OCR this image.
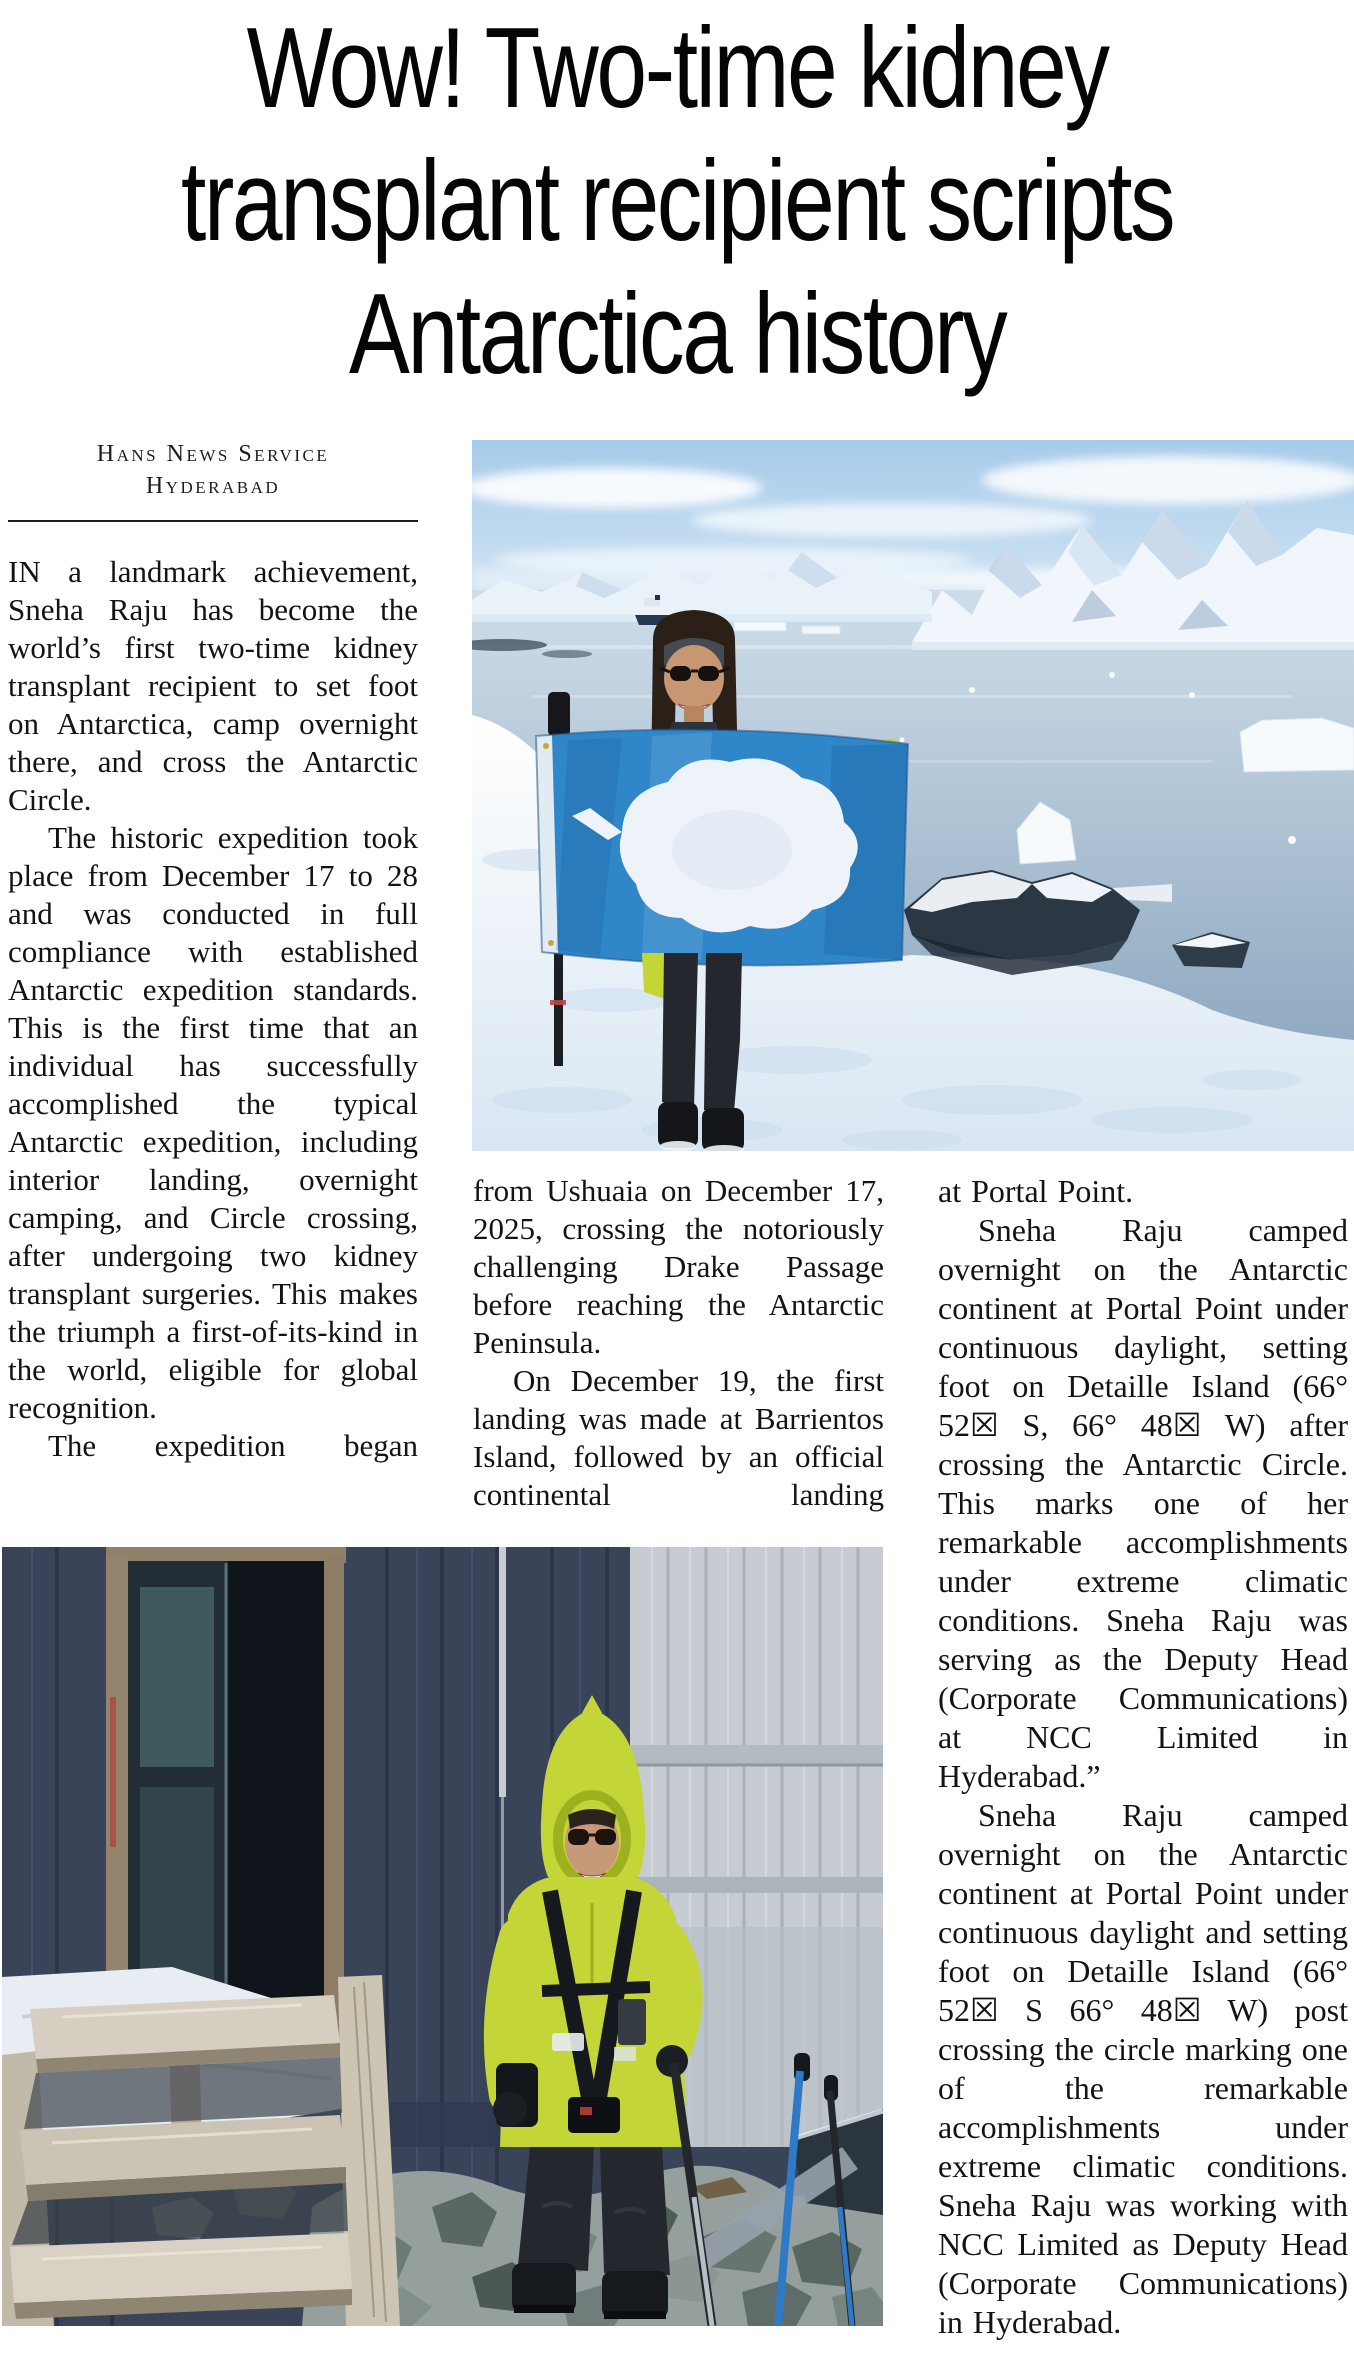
Wow! Two-time kidney
transplant recipient scripts
Antarctica history
Hans News Service
Hyderabad

IN a landmark achievement, Sneha Raju has become the world’s first two-time kidney transplant recipient to set foot on Antarctica, camp overnight there, and cross the Antarctic Circle.

The historic expedition took place from December 17 to 28 and was conducted in full compliance with established Antarctic expedition standards. This is the first time that an individual has successfully accomplished the typical Antarctic expedition, including interior landing, overnight camping, and Circle crossing, after undergoing two kidney transplant surgeries. This makes the triumph a first-of-its-kind in the world, eligible for global recognition.

The expedition began

from Ushuaia on December 17, 2025, crossing the notoriously challenging Drake Passage before reaching the Antarctic Peninsula.

On December 19, the first landing was made at Barrientos Island, followed by an official continental landing

at Portal Point.

Sneha Raju camped overnight on the Antarctic continent at Portal Point under continuous daylight, setting foot on Detaille Island (66° 52☒ S, 66° 48☒ W) after crossing the Antarctic Circle. This marks one of her remarkable accomplishments under extreme climatic conditions. Sneha Raju was serving as the Deputy Head (Corporate Communications) at NCC Limited in Hyderabad.”

Sneha Raju camped overnight on the Antarctic continent at Portal Point under continuous daylight and setting foot on Detaille Island (66° 52☒ S 66° 48☒ W) post crossing the circle marking one of the remarkable accomplishments under extreme climatic conditions. Sneha Raju was working with NCC Limited as Deputy Head (Corporate Communications) in Hyderabad.
